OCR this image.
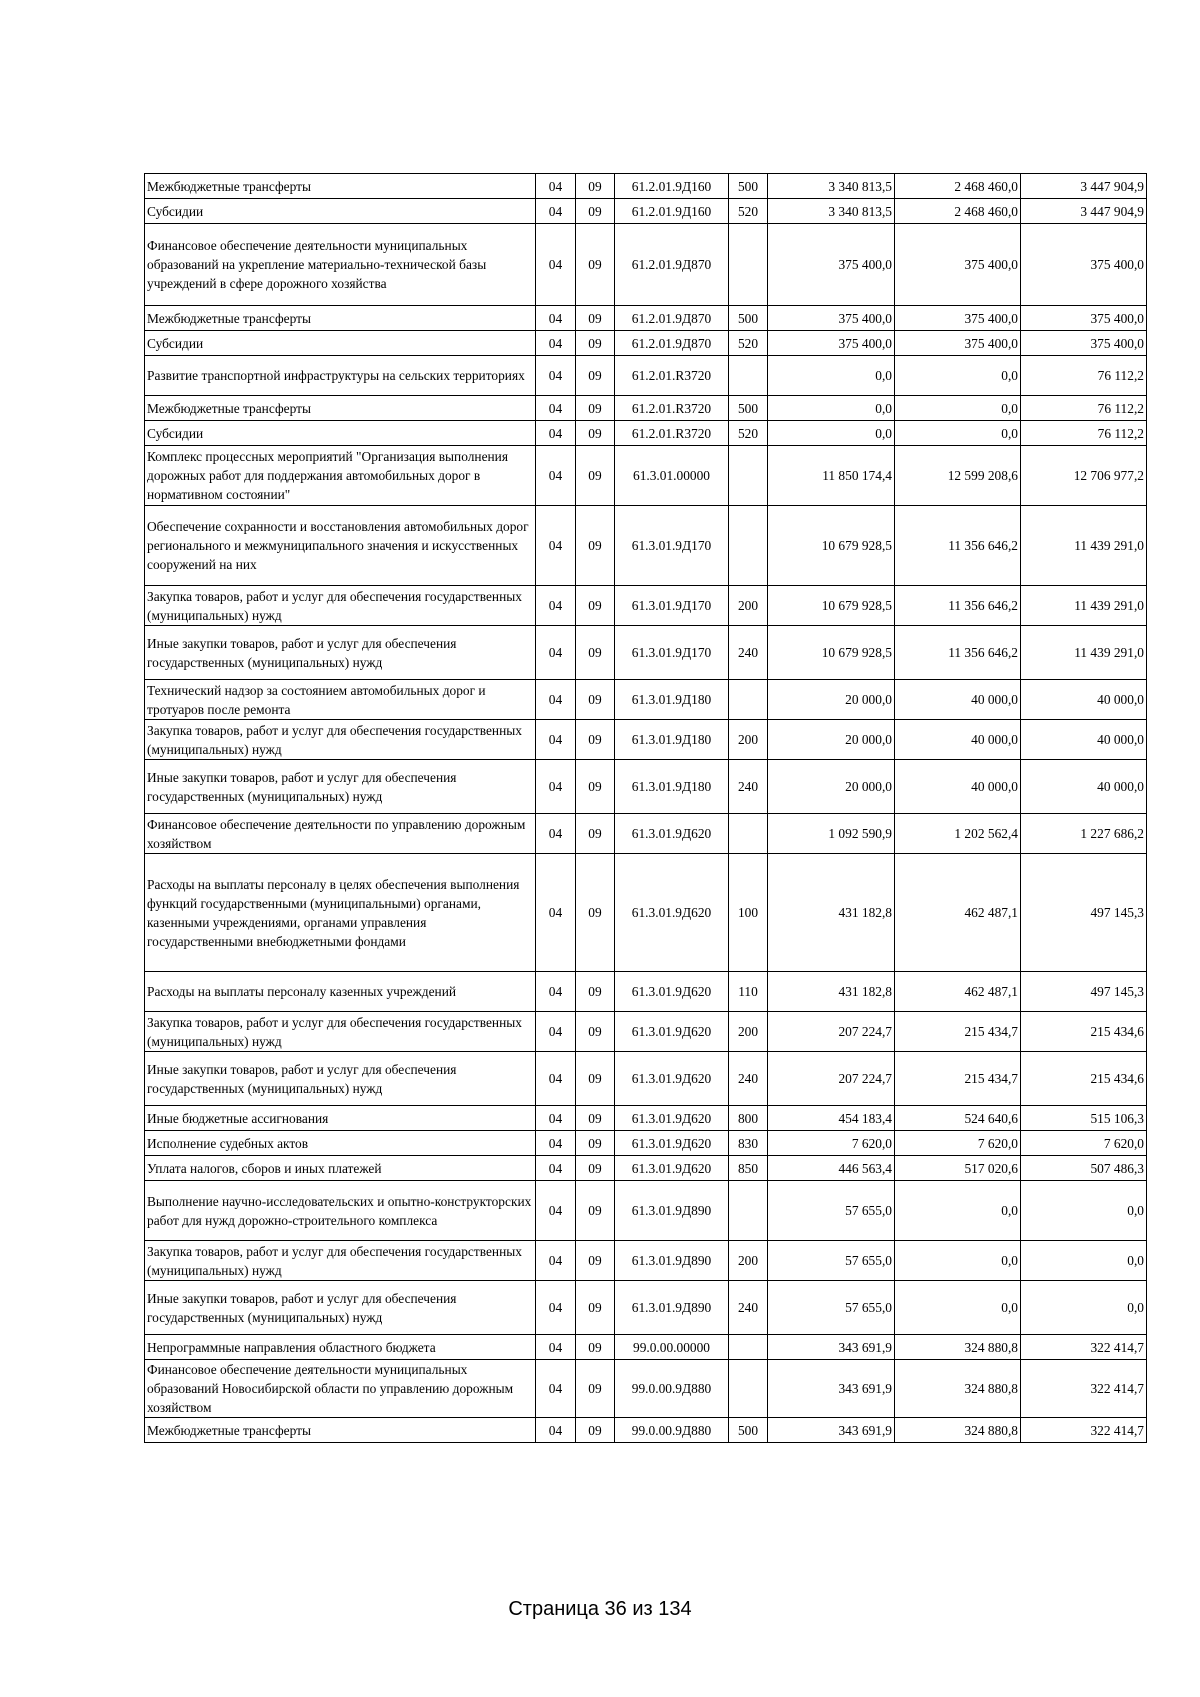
Межбюджетные трансферты	04	09	61.2.01.9Д160	500	3 340 813,5	2 468 460,0	3 447 904,9
Субсидии	04	09	61.2.01.9Д160	520	3 340 813,5	2 468 460,0	3 447 904,9
Финансовое обеспечение деятельности муниципальных образований на укрепление материально-технической базы учреждений в сфере дорожного хозяйства	04	09	61.2.01.9Д870		375 400,0	375 400,0	375 400,0
Межбюджетные трансферты	04	09	61.2.01.9Д870	500	375 400,0	375 400,0	375 400,0
Субсидии	04	09	61.2.01.9Д870	520	375 400,0	375 400,0	375 400,0
Развитие транспортной инфраструктуры на сельских территориях	04	09	61.2.01.R3720		0,0	0,0	76 112,2
Межбюджетные трансферты	04	09	61.2.01.R3720	500	0,0	0,0	76 112,2
Субсидии	04	09	61.2.01.R3720	520	0,0	0,0	76 112,2
Комплекс процессных мероприятий "Организация выполнения дорожных работ для поддержания автомобильных дорог в нормативном состоянии"	04	09	61.3.01.00000		11 850 174,4	12 599 208,6	12 706 977,2
Обеспечение сохранности и восстановления автомобильных дорог регионального и межмуниципального значения и искусственных сооружений на них	04	09	61.3.01.9Д170		10 679 928,5	11 356 646,2	11 439 291,0
Закупка товаров, работ и услуг для обеспечения государственных (муниципальных) нужд	04	09	61.3.01.9Д170	200	10 679 928,5	11 356 646,2	11 439 291,0
Иные закупки товаров, работ и услуг для обеспечения государственных (муниципальных) нужд	04	09	61.3.01.9Д170	240	10 679 928,5	11 356 646,2	11 439 291,0
Технический надзор за состоянием автомобильных дорог и тротуаров после ремонта	04	09	61.3.01.9Д180		20 000,0	40 000,0	40 000,0
Закупка товаров, работ и услуг для обеспечения государственных (муниципальных) нужд	04	09	61.3.01.9Д180	200	20 000,0	40 000,0	40 000,0
Иные закупки товаров, работ и услуг для обеспечения государственных (муниципальных) нужд	04	09	61.3.01.9Д180	240	20 000,0	40 000,0	40 000,0
Финансовое обеспечение деятельности по управлению дорожным хозяйством	04	09	61.3.01.9Д620		1 092 590,9	1 202 562,4	1 227 686,2
Расходы на выплаты персоналу в целях обеспечения выполнения функций государственными (муниципальными) органами, казенными учреждениями, органами управления государственными внебюджетными фондами	04	09	61.3.01.9Д620	100	431 182,8	462 487,1	497 145,3
Расходы на выплаты персоналу казенных учреждений	04	09	61.3.01.9Д620	110	431 182,8	462 487,1	497 145,3
Закупка товаров, работ и услуг для обеспечения государственных (муниципальных) нужд	04	09	61.3.01.9Д620	200	207 224,7	215 434,7	215 434,6
Иные закупки товаров, работ и услуг для обеспечения государственных (муниципальных) нужд	04	09	61.3.01.9Д620	240	207 224,7	215 434,7	215 434,6
Иные бюджетные ассигнования	04	09	61.3.01.9Д620	800	454 183,4	524 640,6	515 106,3
Исполнение судебных актов	04	09	61.3.01.9Д620	830	7 620,0	7 620,0	7 620,0
Уплата налогов, сборов и иных платежей	04	09	61.3.01.9Д620	850	446 563,4	517 020,6	507 486,3
Выполнение научно-исследовательских и опытно-конструкторских работ для нужд дорожно-строительного комплекса	04	09	61.3.01.9Д890		57 655,0	0,0	0,0
Закупка товаров, работ и услуг для обеспечения государственных (муниципальных) нужд	04	09	61.3.01.9Д890	200	57 655,0	0,0	0,0
Иные закупки товаров, работ и услуг для обеспечения государственных (муниципальных) нужд	04	09	61.3.01.9Д890	240	57 655,0	0,0	0,0
Непрограммные направления областного бюджета	04	09	99.0.00.00000		343 691,9	324 880,8	322 414,7
Финансовое обеспечение деятельности муниципальных образований Новосибирской области по управлению дорожным хозяйством	04	09	99.0.00.9Д880		343 691,9	324 880,8	322 414,7
Межбюджетные трансферты	04	09	99.0.00.9Д880	500	343 691,9	324 880,8	322 414,7
Страница 36 из 134
